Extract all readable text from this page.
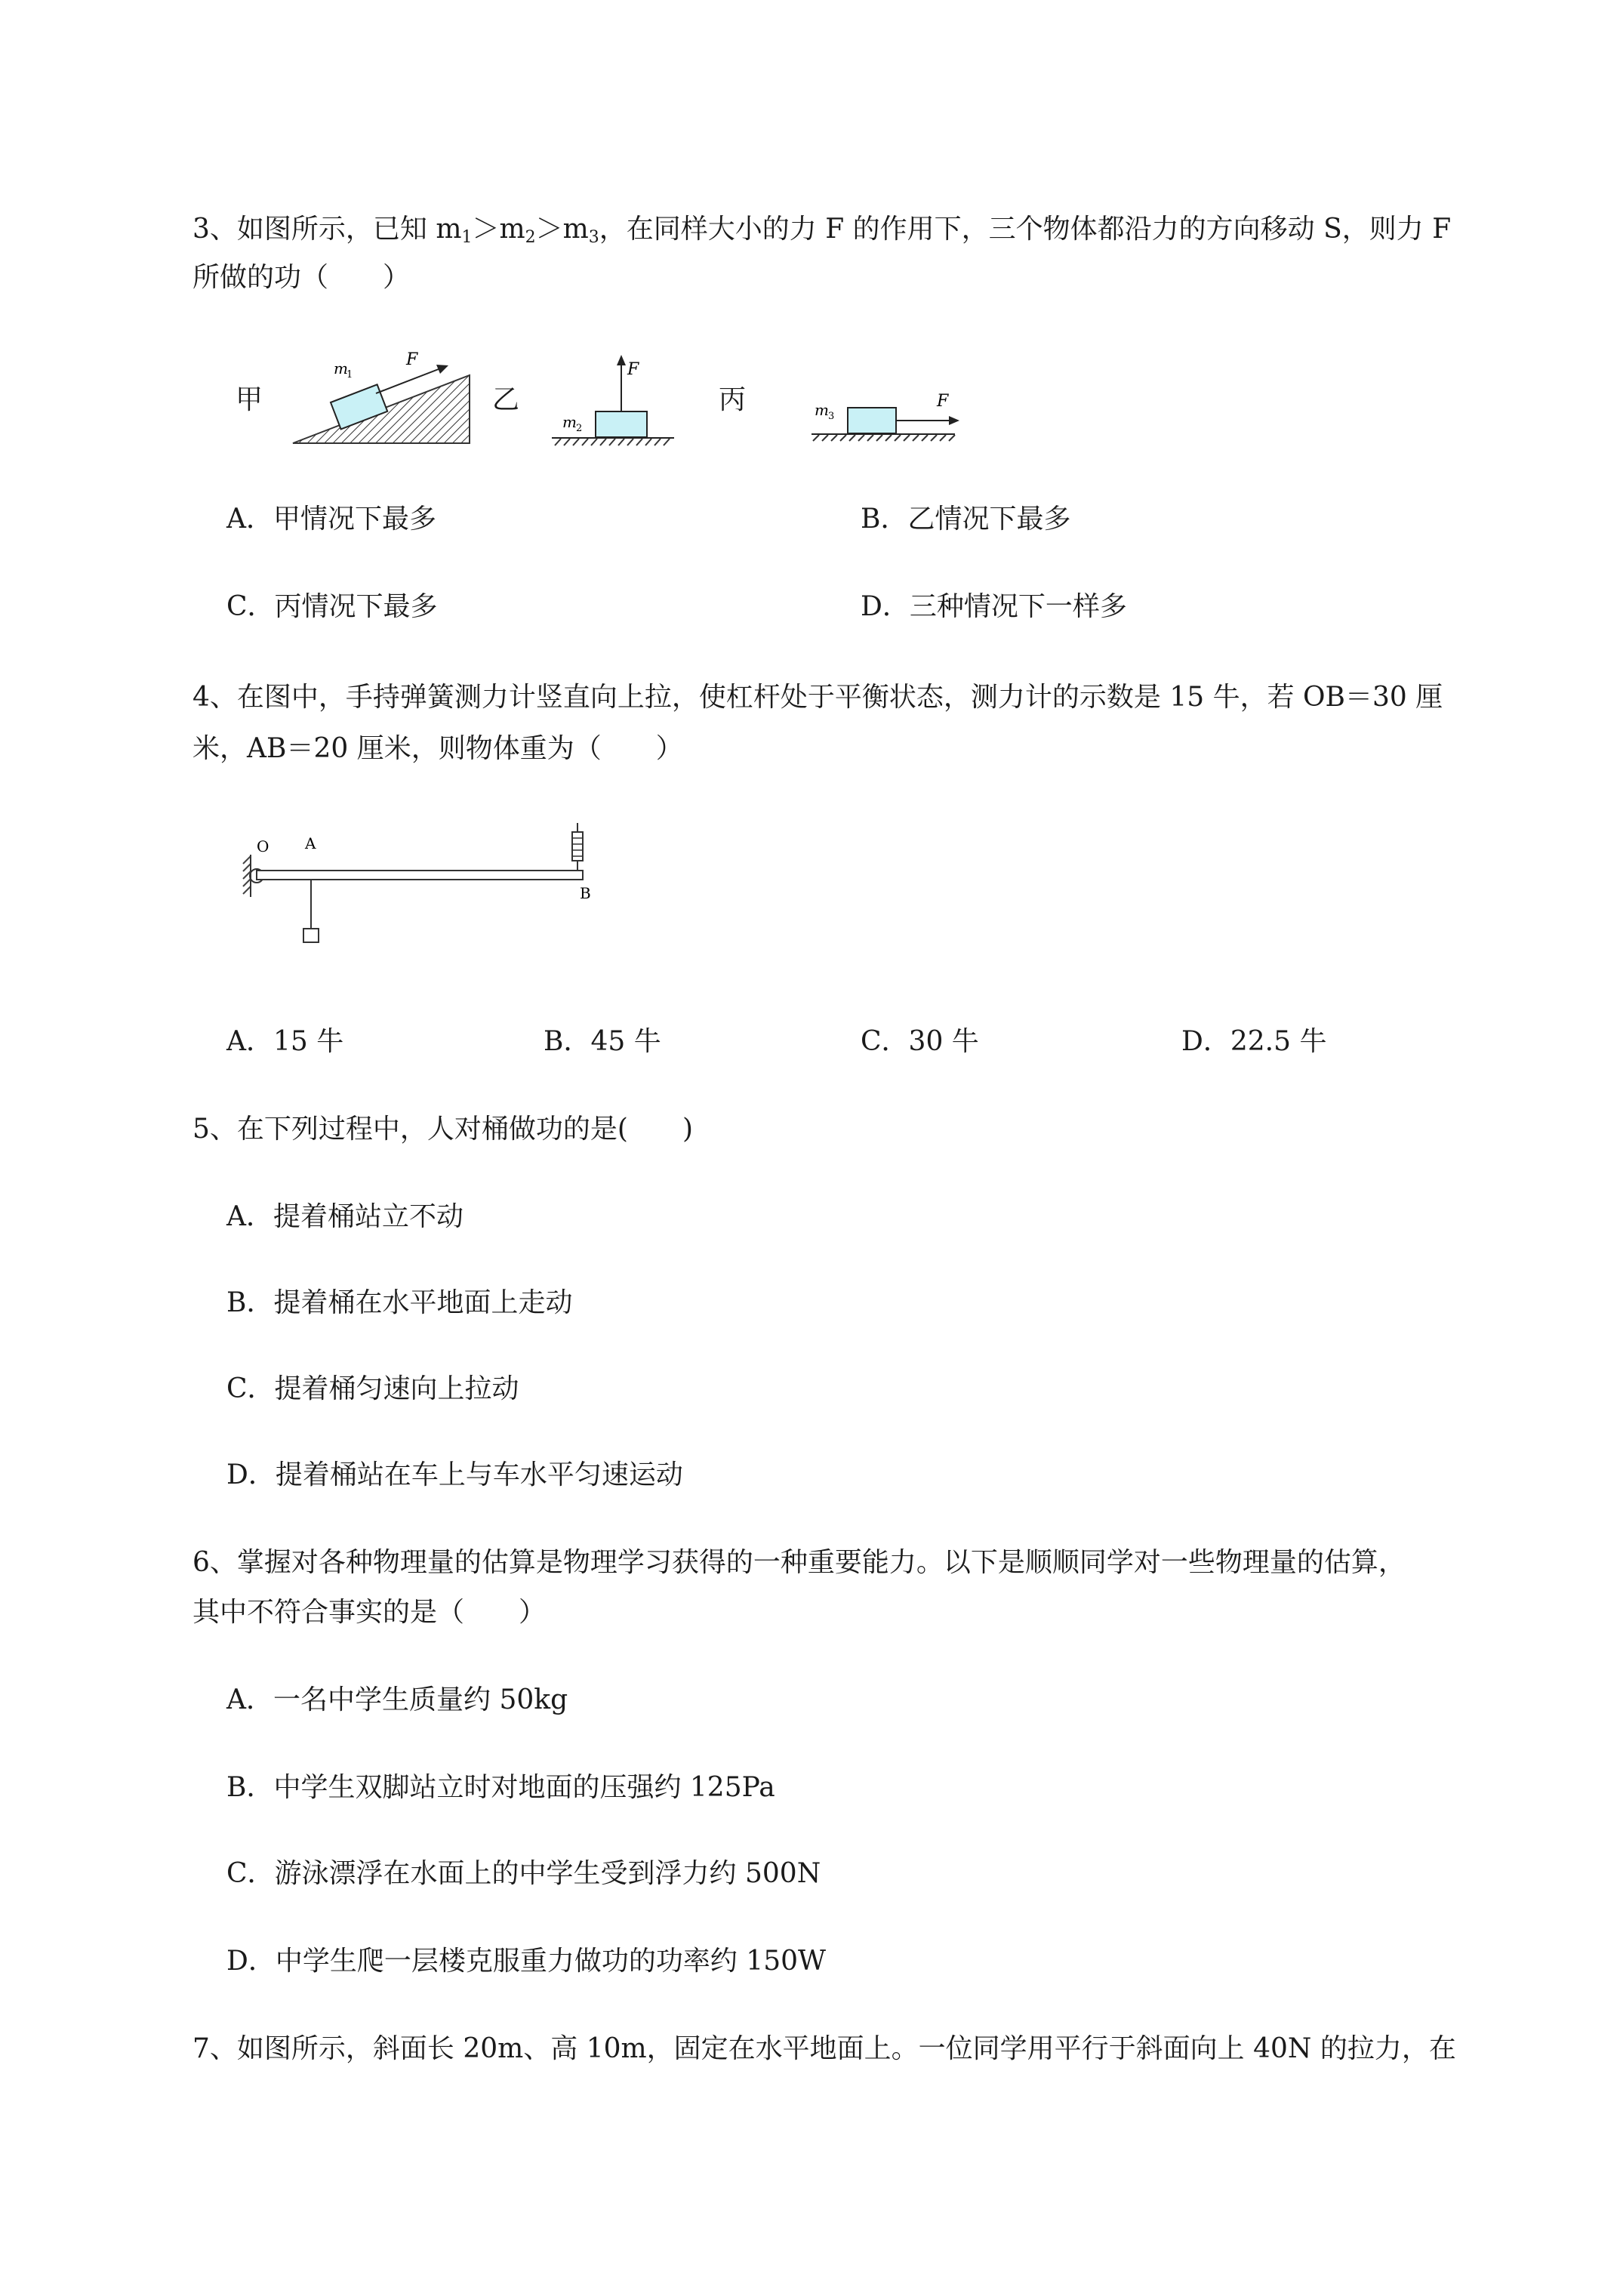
3、如图所示，已知 $m_1>m_2>m_3$，在同样大小的力 F 的作用下，三个物体都沿力的方向移动 S，则力 F
所做的功（　　）
甲	乙	丙
m
1
F
F
m 2
F
m 3
A．甲情况下最多	B．乙情况下最多
C．丙情况下最多	D．三种情况下一样多
4、在图中，手持弹簧测力计竖直向上拉，使杠杆处于平衡状态，测力计的示数是 15 牛，若 OB＝30 厘
米，AB＝20 厘米，则物体重为（　　）
O A
B
A．15 牛	B．45 牛	C．30 牛	D．22.5 牛
5、在下列过程中，人对桶做功的是(　　)
A．提着桶站立不动
B．提着桶在水平地面上走动
C．提着桶匀速向上拉动
D．提着桶站在车上与车水平匀速运动
6、掌握对各种物理量的估算是物理学习获得的一种重要能力。以下是顺顺同学对一些物理量的估算，
其中不符合事实的是（　　）
A．一名中学生质量约 50kg
B．中学生双脚站立时对地面的压强约 125Pa
C．游泳漂浮在水面上的中学生受到浮力约 500N
D．中学生爬一层楼克服重力做功的功率约 150W
7、如图所示，斜面长 20m、高 10m，固定在水平地面上。一位同学用平行于斜面向上 40N 的拉力，在
